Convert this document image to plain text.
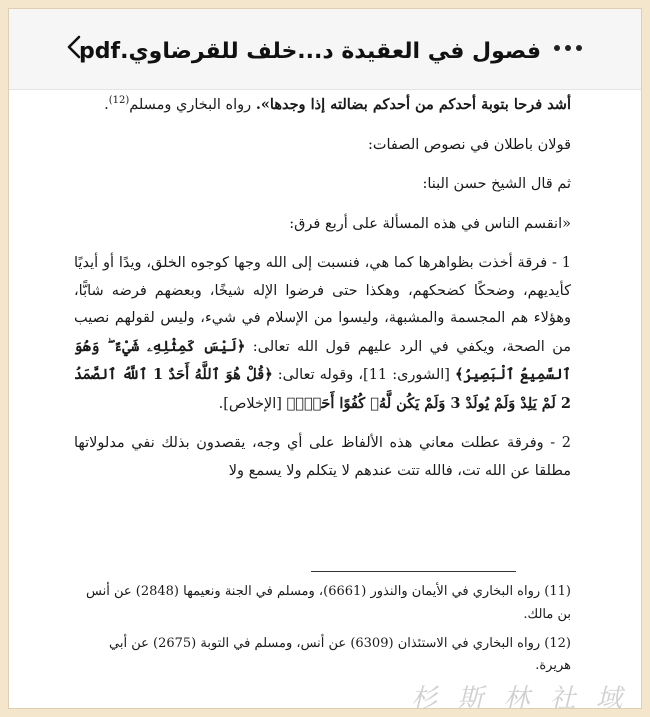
فصول في العقيدة د...خلف للقرضاوي.pdf

أشد فرحا بتوبة أحدكم من أحدكم بضالته إذا وجدها». رواه البخاري ومسلم$^{(12)}$.

قولان باطلان في نصوص الصفات:

ثم قال الشيخ حسن البنا:

«انقسم الناس في هذه المسألة على أربع فرق:

1 - فرقة أخذت بظواهرها كما هي، فنسبت إلى الله وجها كوجوه الخلق، ويدًا أو أيديًا كأيديهم، وضحكًا كضحكهم، وهكذا حتى فرضوا الإله شيخًا، وبعضهم فرضه شابًّا، وهؤلاء هم المجسمة والمشبهة، وليسوا من الإسلام في شيء، وليس لقولهم نصيب من الصحة، ويكفي في الرد عليهم قول الله تعالى: ﴿لَيْسَ كَمِثْلِهِۦ شَيْءٌ ۖ وَهُوَ ٱلسَّمِيعُ ٱلْبَصِيرُ﴾ [الشورى: 11]، وقوله تعالى: ﴿قُلْ هُوَ ٱللَّهُ أَحَدٌ 1 ٱللَّهُ ٱلصَّمَدُ 2 لَمْ يَلِدْ وَلَمْ يُولَدْ 3 وَلَمْ يَكُن لَّهُۥ كُفُوًا أَحَدٌۢ﴾ [الإخلاص].

2 - وفرقة عطلت معاني هذه الألفاظ على أي وجه، يقصدون بذلك نفي مدلولاتها مطلقا عن الله تت، فالله تتت عندهم لا يتكلم ولا يسمع ولا

(11) رواه البخاري في الأيمان والنذور (6661)، ومسلم في الجنة ونعيمها (2848) عن أنس بن مالك.

(12) رواه البخاري في الاستئذان (6309) عن أنس، ومسلم في التوبة (2675) عن أبي هريرة.

杉 斯 林 社 域
